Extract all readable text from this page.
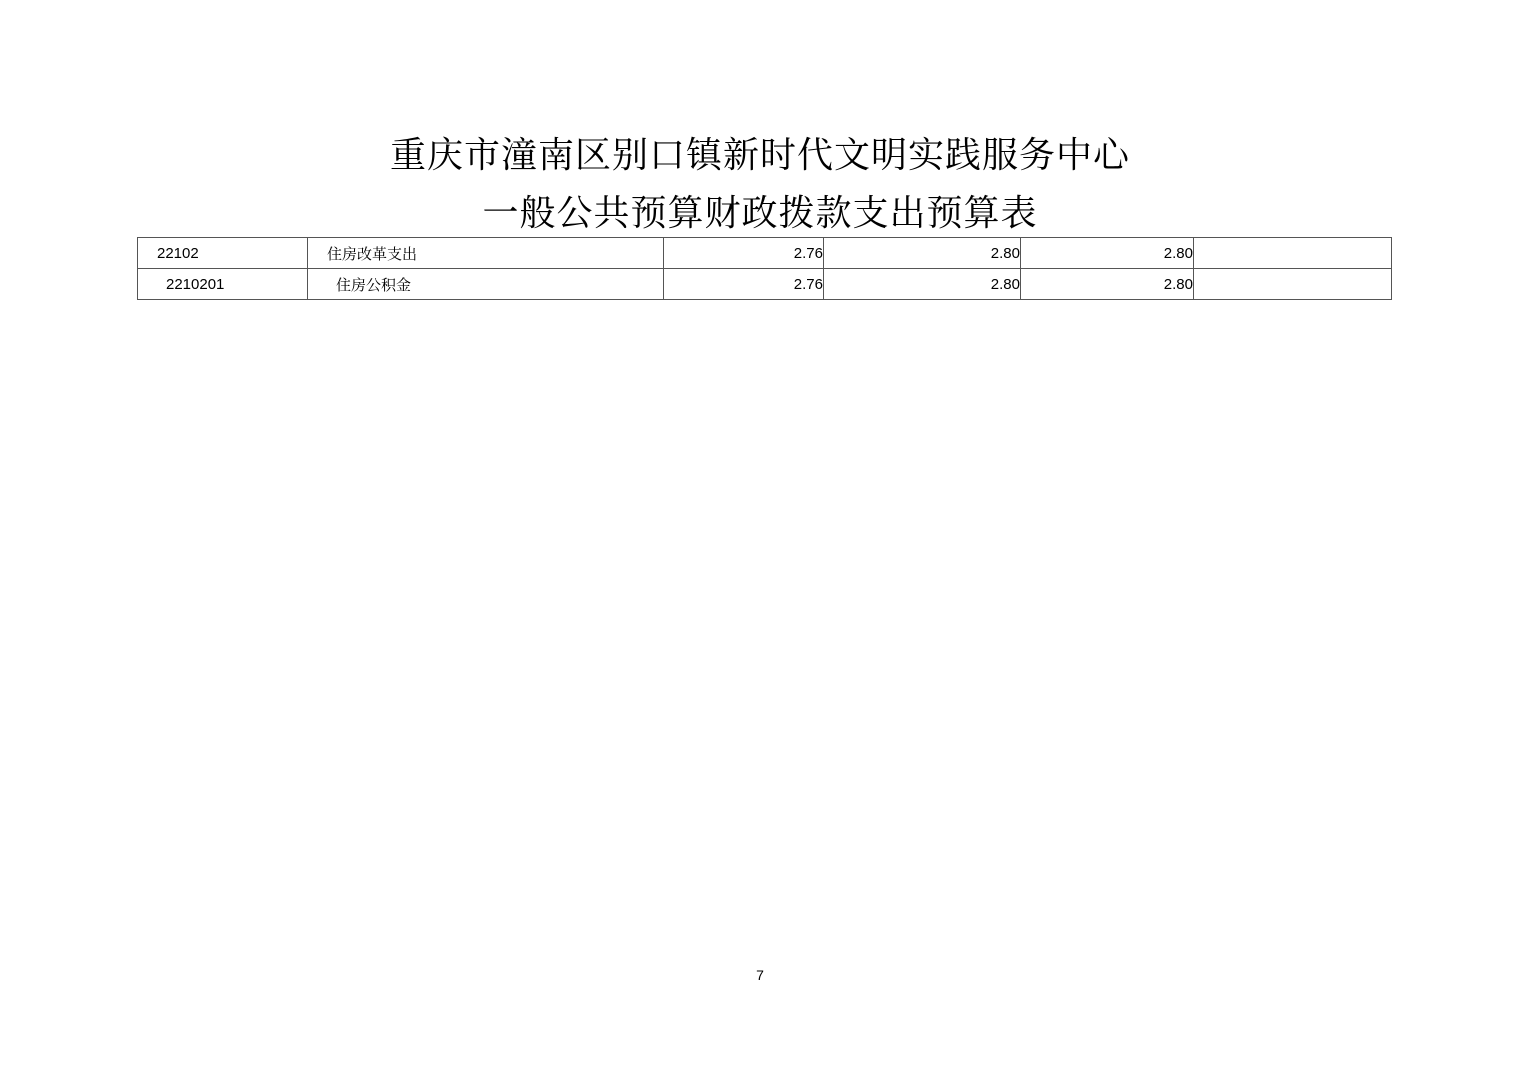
重庆市潼南区别口镇新时代文明实践服务中心
一般公共预算财政拨款支出预算表
22102	住房改革支出	2.76	2.80	2.80	
2210201	住房公积金	2.76	2.80	2.80	
7
